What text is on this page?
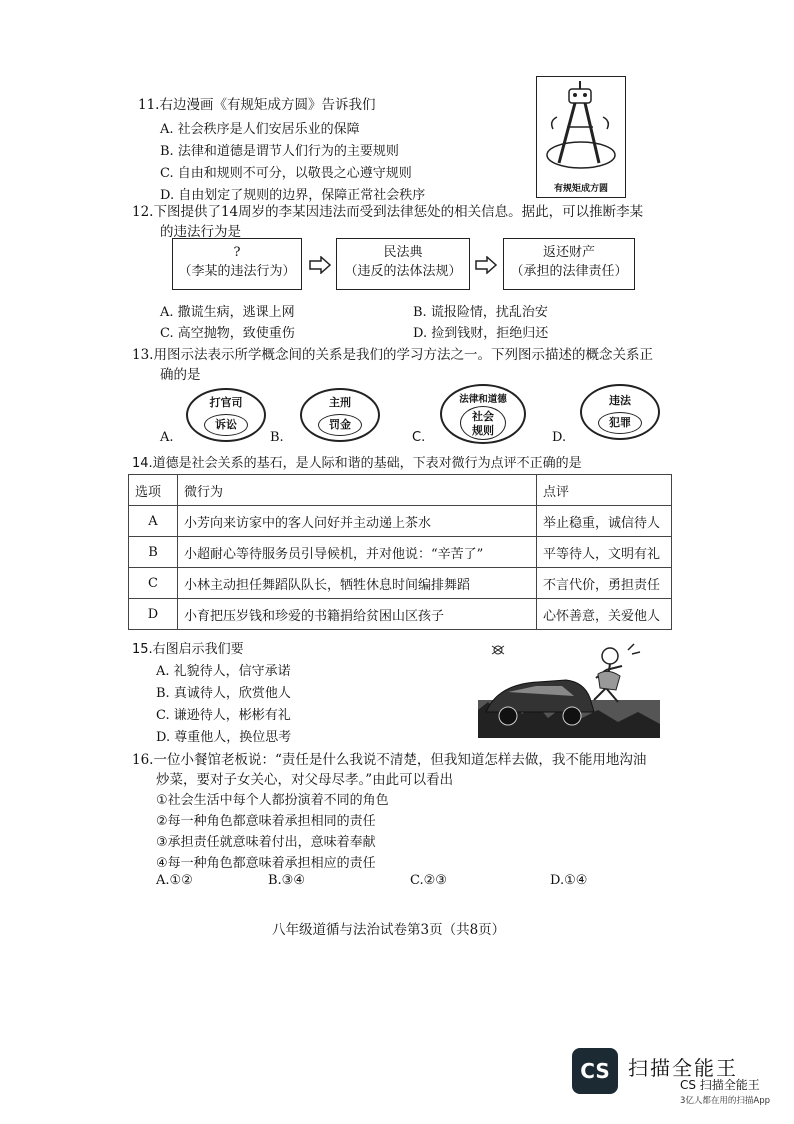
11.右边漫画《有规矩成方圆》告诉我们
A. 社会秩序是人们安居乐业的保障
B. 法律和道德是谓节人们行为的主要规则
C. 自由和规则不可分，以敬畏之心遵守规则
D. 自由划定了规则的边界，保障正常社会秩序	有规矩成方圆
12.下图提供了14周岁的李某因违法而受到法律惩处的相关信息。据此，可以推断李某
的违法行为是
?
（李某的违法行为）
民法典
（违反的法体法规）
返还财产
（承担的法律责任）
A. 撒谎生病，逃课上网	B. 谎报险情，扰乱治安
C. 高空抛物，致使重伤	D. 捡到钱财，拒绝归还
13.用图示法表示所学概念间的关系是我们的学习方法之一。下列图示描述的概念关系正
确的是
打官司
诉讼
A.
主刑
罚金
B.
法律和道德
社会
规则
C.
违法
犯罪
D.
14.道德是社会关系的基石，是人际和谐的基础，下表对微行为点评不正确的是
选项	微行为	点评
A	小芳向来访家中的客人问好并主动递上茶水	举止稳重，诚信待人
B	小超耐心等待服务员引导候机，并对他说：“辛苦了”	平等待人，文明有礼
C	小林主动担任舞蹈队队长，牺牲休息时间编排舞蹈	不言代价，勇担责任
D	小育把压岁钱和珍爱的书籍捐给贫困山区孩子	心怀善意，关爱他人
15.右图启示我们要
A. 礼貌待人，信守承诺
B. 真诚待人，欣赏他人
C. 谦逊待人，彬彬有礼
D. 尊重他人，换位思考
16.一位小餐馆老板说：“责任是什么我说不清楚，但我知道怎样去做，我不能用地沟油
炒菜，要对子女关心，对父母尽孝。”由此可以看出
①社会生活中每个人都扮演着不同的角色
②每一种角色都意味着承担相同的责任
③承担责任就意味着付出，意味着奉献
④每一种角色都意味着承担相应的责任
A.①②	B.③④	C.②③	D.①④
八年级道循与法治试卷第3页（共8页）
CS 扫描全能王
CS 扫描全能王
3亿人都在用的扫描App
